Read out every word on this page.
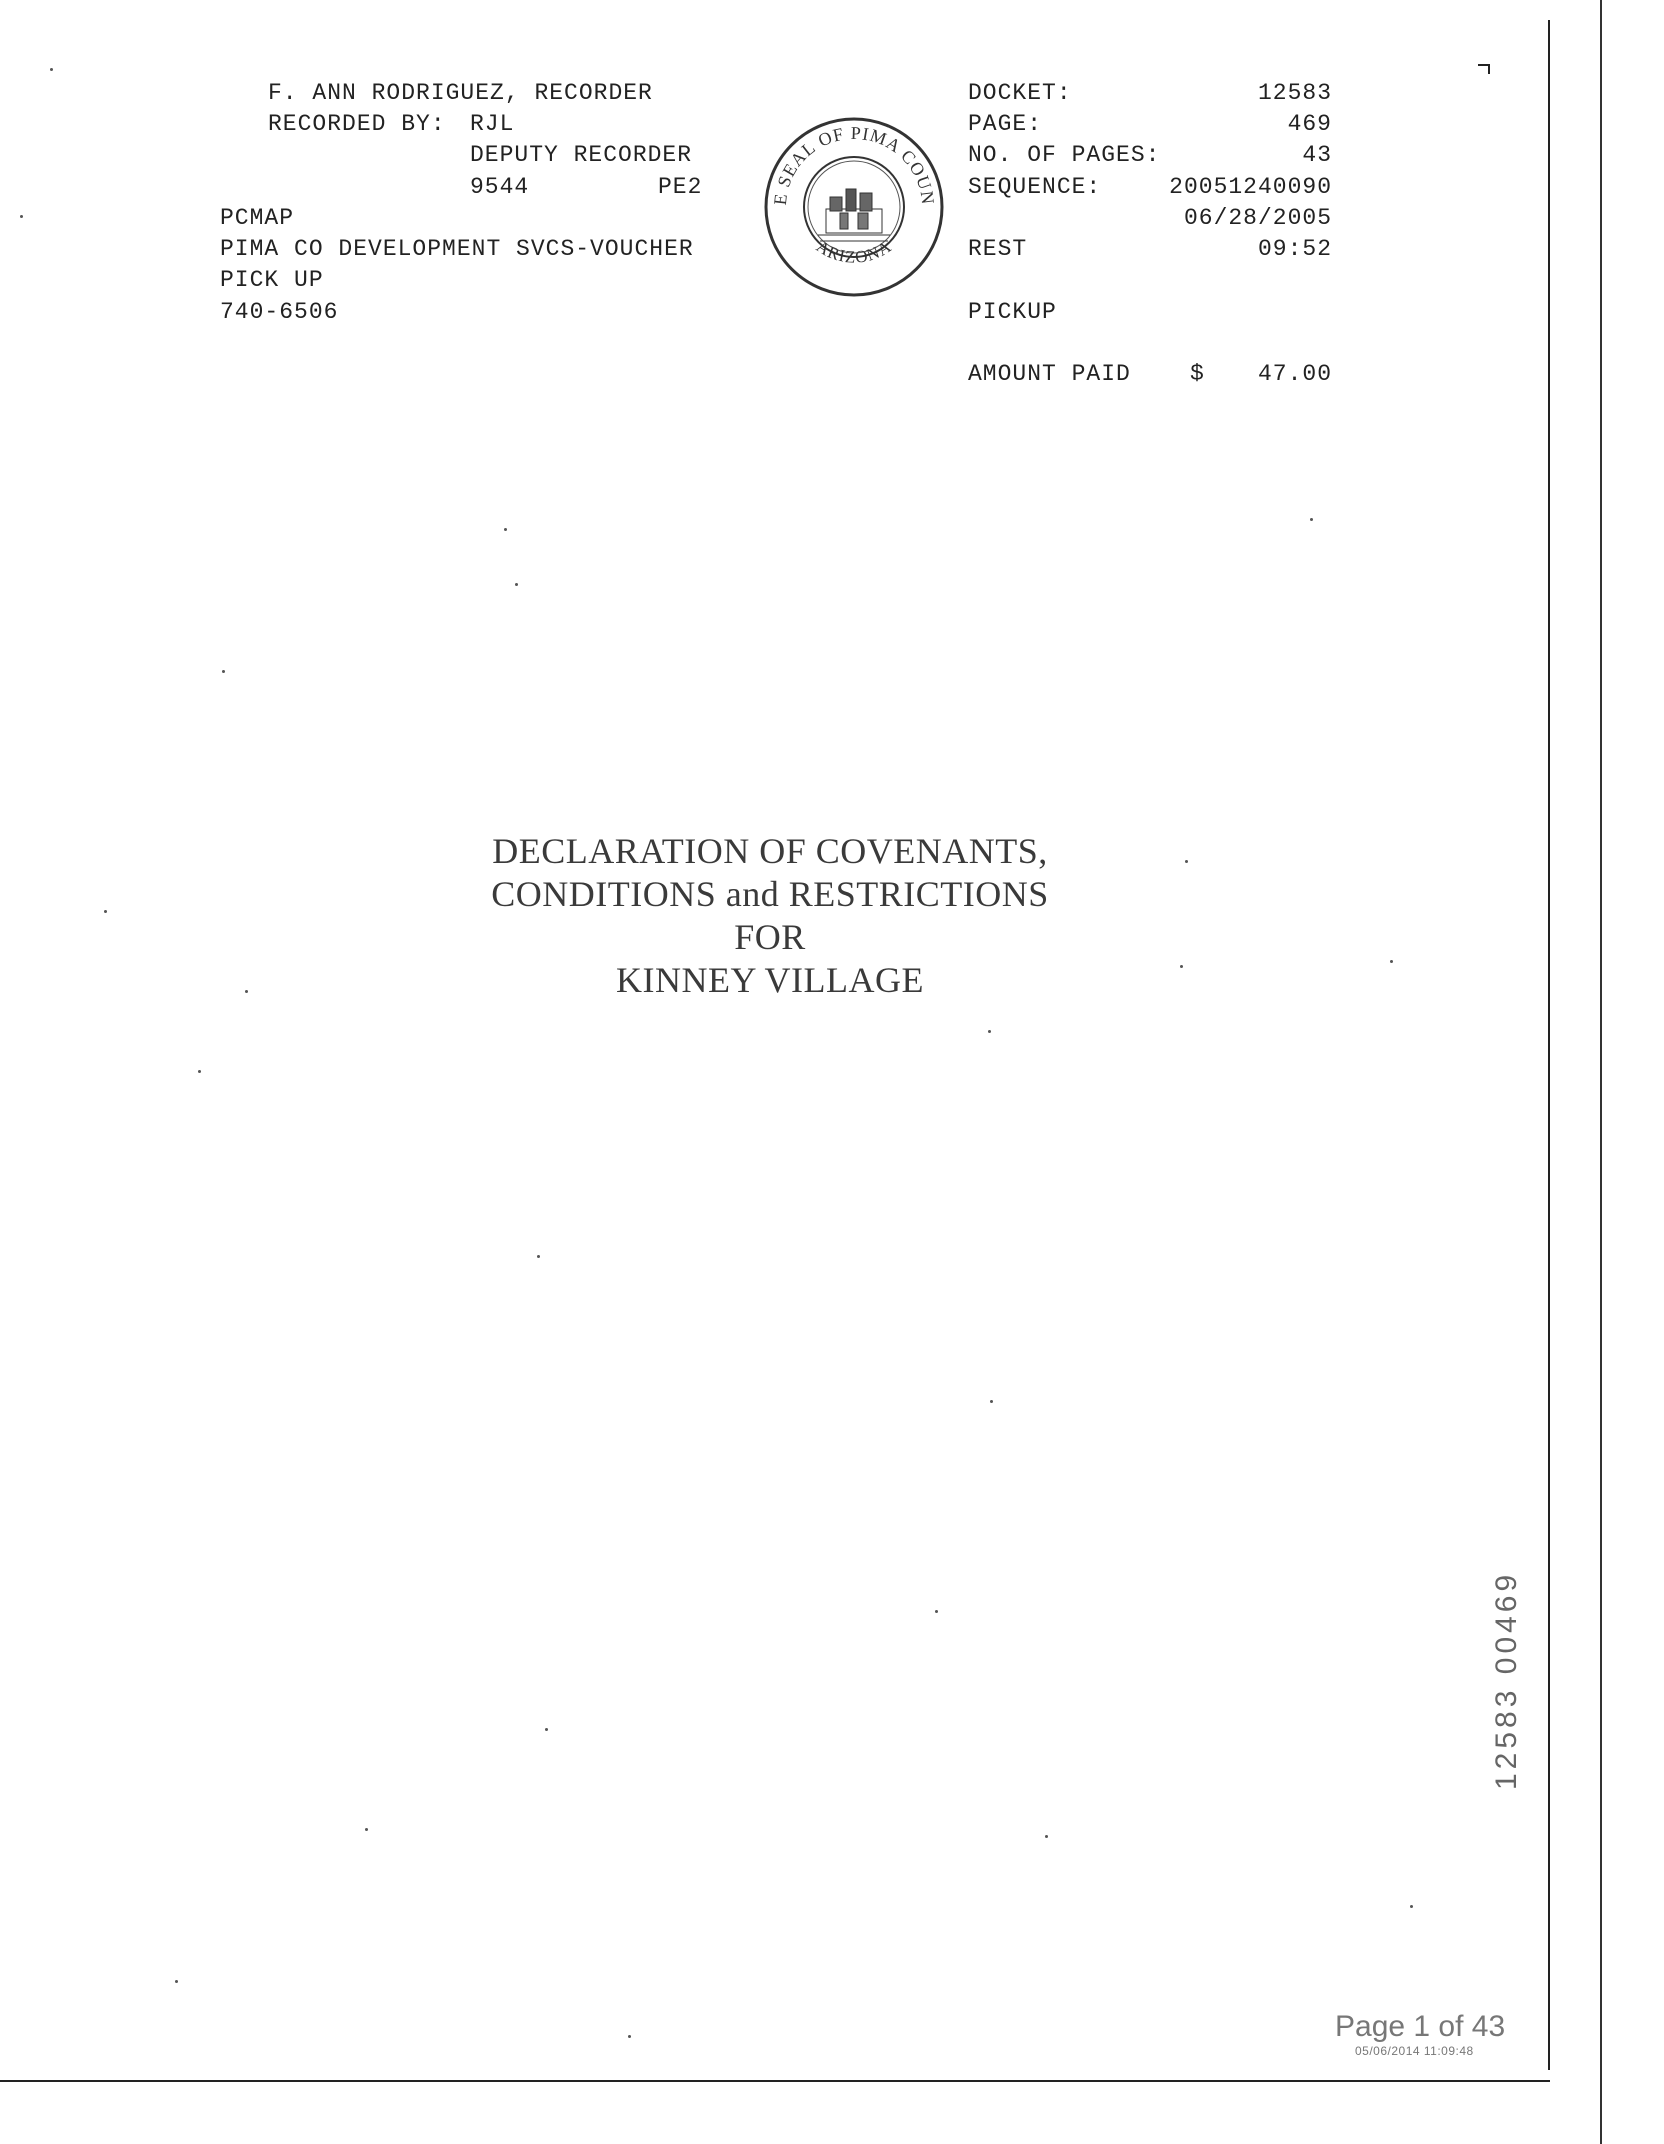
F. ANN RODRIGUEZ, RECORDER
RECORDED BY: RJL
DEPUTY RECORDER
9544	PE2
PCMAP
PIMA CO DEVELOPMENT SVCS-VOUCHER
PICK UP
740-6506
E SEAL OF PIMA COUN
ARIZONA
DOCKET:	12583
PAGE:	469
NO. OF PAGES:	43
SEQUENCE:	20051240090
06/28/2005
REST	09:52
PICKUP
AMOUNT PAID	$	47.00
DECLARATION OF COVENANTS,
CONDITIONS and RESTRICTIONS
FOR
KINNEY VILLAGE
12583 00469
Page 1 of 43
05/06/2014 11:09:48
